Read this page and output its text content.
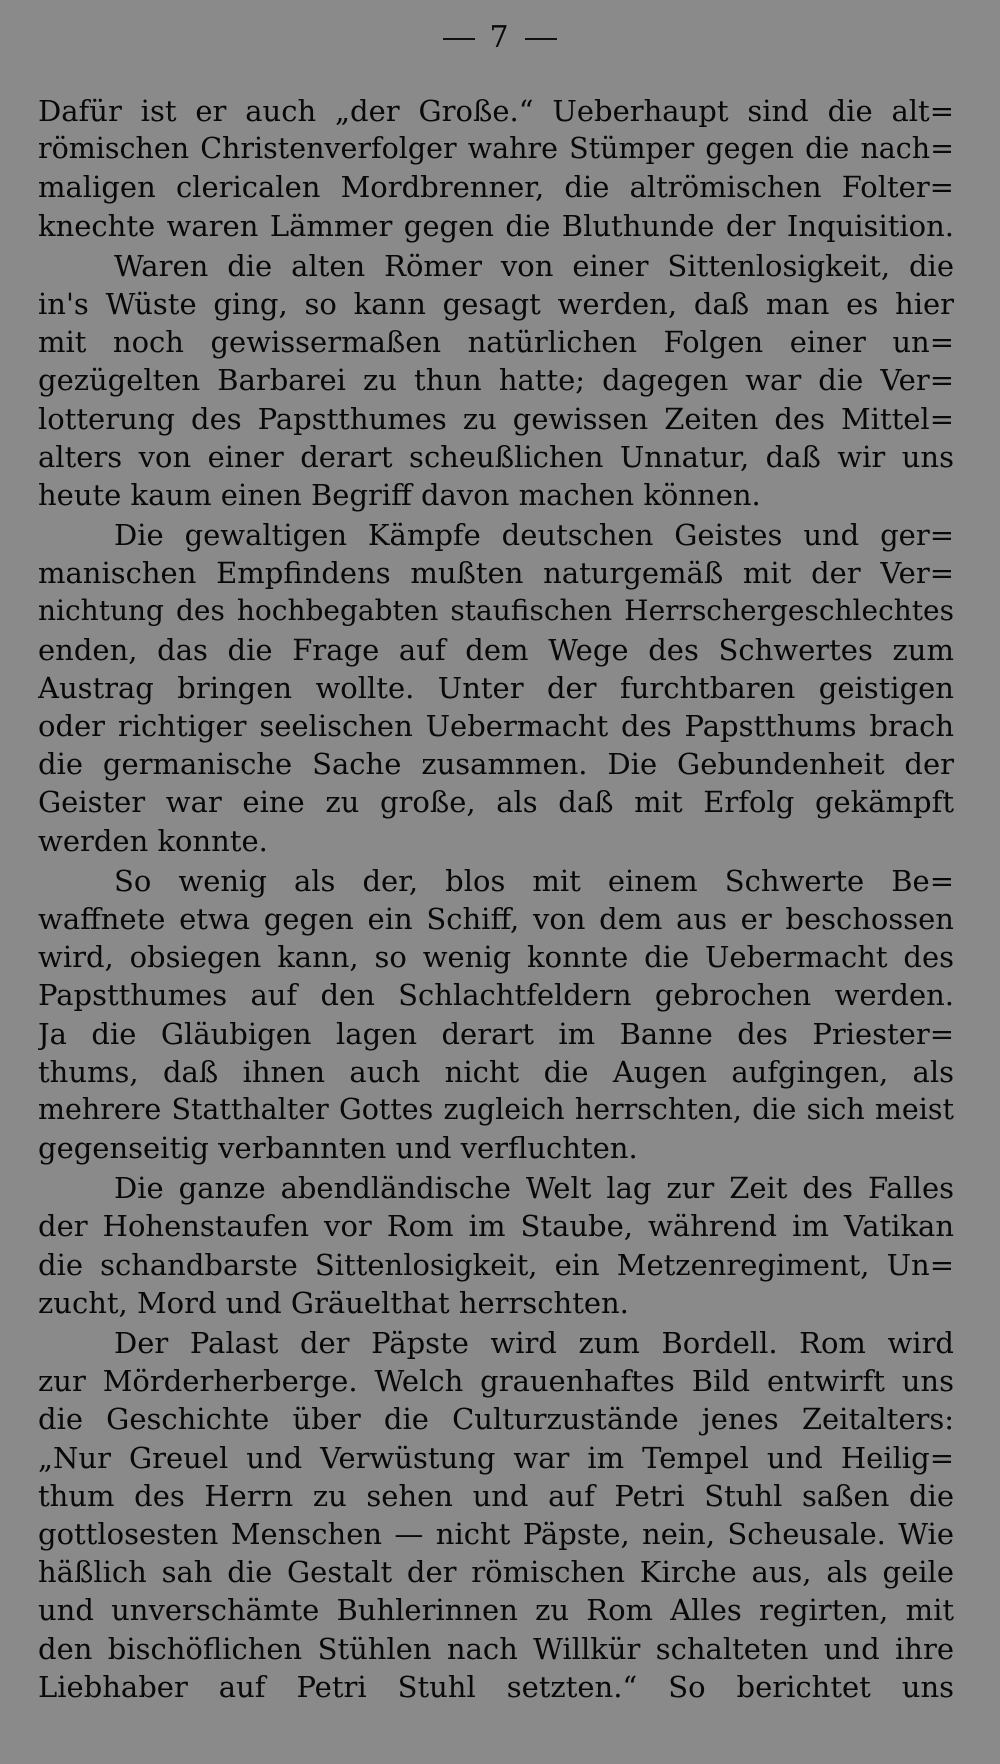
7
Dafür ist er auch „der Große.“ Ueberhaupt sind die alt=
römischen Christenverfolger wahre Stümper gegen die nach=
maligen clericalen Mordbrenner, die altrömischen Folter=
knechte waren Lämmer gegen die Bluthunde der Inquisition.
Waren die alten Römer von einer Sittenlosigkeit, die
in's Wüste ging, so kann gesagt werden, daß man es hier
mit noch gewissermaßen natürlichen Folgen einer un=
gezügelten Barbarei zu thun hatte; dagegen war die Ver=
lotterung des Papstthumes zu gewissen Zeiten des Mittel=
alters von einer derart scheußlichen Unnatur, daß wir uns
heute kaum einen Begriff davon machen können.
Die gewaltigen Kämpfe deutschen Geistes und ger=
manischen Empfindens mußten naturgemäß mit der Ver=
nichtung des hochbegabten staufischen Herrschergeschlechtes
enden, das die Frage auf dem Wege des Schwertes zum
Austrag bringen wollte. Unter der furchtbaren geistigen
oder richtiger seelischen Uebermacht des Papstthums brach
die germanische Sache zusammen. Die Gebundenheit der
Geister war eine zu große, als daß mit Erfolg gekämpft
werden konnte.
So wenig als der, blos mit einem Schwerte Be=
waffnete etwa gegen ein Schiff, von dem aus er beschossen
wird, obsiegen kann, so wenig konnte die Uebermacht des
Papstthumes auf den Schlachtfeldern gebrochen werden.
Ja die Gläubigen lagen derart im Banne des Priester=
thums, daß ihnen auch nicht die Augen aufgingen, als
mehrere Statthalter Gottes zugleich herrschten, die sich meist
gegenseitig verbannten und verfluchten.
Die ganze abendländische Welt lag zur Zeit des Falles
der Hohenstaufen vor Rom im Staube, während im Vatikan
die schandbarste Sittenlosigkeit, ein Metzenregiment, Un=
zucht, Mord und Gräuelthat herrschten.
Der Palast der Päpste wird zum Bordell. Rom wird
zur Mörderherberge. Welch grauenhaftes Bild entwirft uns
die Geschichte über die Culturzustände jenes Zeitalters:
„Nur Greuel und Verwüstung war im Tempel und Heilig=
thum des Herrn zu sehen und auf Petri Stuhl saßen die
gottlosesten Menschen — nicht Päpste, nein, Scheusale. Wie
häßlich sah die Gestalt der römischen Kirche aus, als geile
und unverschämte Buhlerinnen zu Rom Alles regirten, mit
den bischöflichen Stühlen nach Willkür schalteten und ihre
Liebhaber auf Petri Stuhl setzten.“ So berichtet uns
